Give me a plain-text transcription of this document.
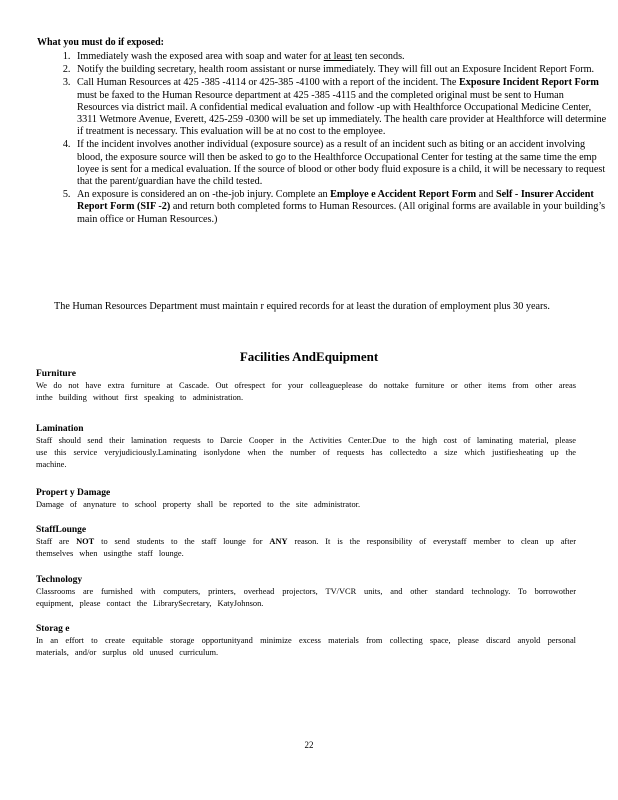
What you must do if exposed:
1. Immediately wash the exposed area with soap and water for at least ten seconds.
2. Notify the building secretary, health room assistant or nurse immediately. They will fill out an Exposure Incident Report Form.
3. Call Human Resources at 425 -385 -4114 or 425-385 -4100 with a report of the incident. The Exposure Incident Report Form must be faxed to the Human Resource department at 425 -385 -4115 and the completed original must be sent to Human Resources via district mail. A confidential medical evaluation and follow -up with Healthforce Occupational Medicine Center, 3311 Wetmore Avenue, Everett, 425-259 -0300 will be set up immediately. The health care provider at Healthforce will determine if treatment is necessary. This evaluation will be at no cost to the employee.
4. If the incident involves another individual (exposure source) as a result of an incident such as biting or an accident involving blood, the exposure source will then be asked to go to the Healthforce Occupational Center for testing at the same time the emp loyee is sent for a medical evaluation. If the source of blood or other body fluid exposure is a child, it will be necessary to request that the parent/guardian have the child tested.
5. An exposure is considered an on -the-job injury. Complete an Employe e Accident Report Form and Self - Insurer Accident Report Form (SIF -2) and return both completed forms to Human Resources. (All original forms are available in your building’s main office or Human Resources.)
The Human Resources Department must maintain r equired records for at least the duration of employment plus 30 years.
Facilities AndEquipment
Furniture

We do not have extra furniture at Cascade. Out ofrespect for your colleagueplease do nottake furniture or other items from other areas inthe building without first speaking to administration.

Lamination

Staff should send their lamination requests to Darcie Cooper in the Activities Center.Due to the high cost of laminating material, please use this service veryjudiciously.Laminating isonlydone when the number of requests has collectedto a size which justifiesheating up the machine.

Propert y Damage

Damage of anynature to school property shall be reported to the site administrator.

StaffLounge

Staff are NOT to send students to the staff lounge for ANY reason. It is the responsibility of everystaff member to clean up after themselves when usingthe staff lounge.

Technology

Classrooms are furnished with computers, printers, overhead projectors, TV/VCR units, and other standard technology. To borrowother equipment, please contact the LibrarySecretary, KatyJohnson.

Storag e

In an effort to create equitable storage opportunityand minimize excess materials from collecting space, please discard anyold personal materials, and/or surplus old unused curriculum.

22
